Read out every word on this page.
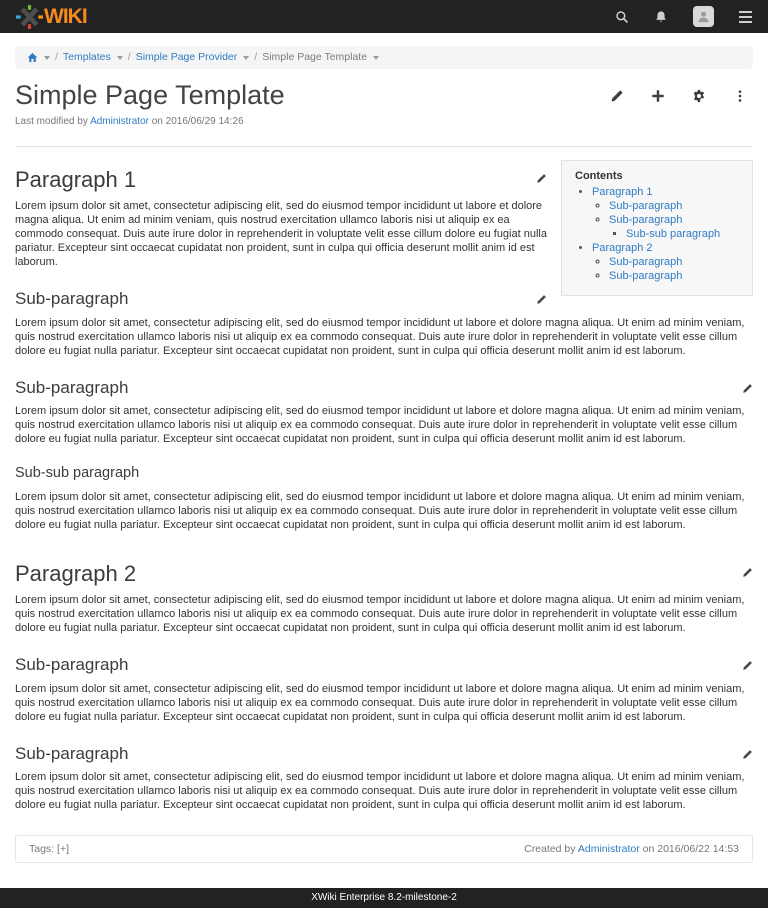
WIKI
/ Templates / Simple Page Provider / Simple Page Template
Simple Page Template
Last modified by Administrator on 2016/06/29 14:26
Contents
• Paragraph 1
◦ Sub-paragraph
◦ Sub-paragraph
▪ Sub-sub paragraph
• Paragraph 2
◦ Sub-paragraph
◦ Sub-paragraph
Paragraph 1

Lorem ipsum dolor sit amet, consectetur adipiscing elit, sed do eiusmod tempor incididunt ut labore et dolore magna aliqua. Ut enim ad minim veniam, quis nostrud exercitation ullamco laboris nisi ut aliquip ex ea commodo consequat. Duis aute irure dolor in reprehenderit in voluptate velit esse cillum dolore eu fugiat nulla pariatur. Excepteur sint occaecat cupidatat non proident, sunt in culpa qui officia deserunt mollit anim id est laborum.

Sub-paragraph

Lorem ipsum dolor sit amet, consectetur adipiscing elit, sed do eiusmod tempor incididunt ut labore et dolore magna aliqua. Ut enim ad minim veniam, quis nostrud exercitation ullamco laboris nisi ut aliquip ex ea commodo consequat. Duis aute irure dolor in reprehenderit in voluptate velit esse cillum dolore eu fugiat nulla pariatur. Excepteur sint occaecat cupidatat non proident, sunt in culpa qui officia deserunt mollit anim id est laborum.

Sub-paragraph

Lorem ipsum dolor sit amet, consectetur adipiscing elit, sed do eiusmod tempor incididunt ut labore et dolore magna aliqua. Ut enim ad minim veniam, quis nostrud exercitation ullamco laboris nisi ut aliquip ex ea commodo consequat. Duis aute irure dolor in reprehenderit in voluptate velit esse cillum dolore eu fugiat nulla pariatur. Excepteur sint occaecat cupidatat non proident, sunt in culpa qui officia deserunt mollit anim id est laborum.

Sub-sub paragraph

Lorem ipsum dolor sit amet, consectetur adipiscing elit, sed do eiusmod tempor incididunt ut labore et dolore magna aliqua. Ut enim ad minim veniam, quis nostrud exercitation ullamco laboris nisi ut aliquip ex ea commodo consequat. Duis aute irure dolor in reprehenderit in voluptate velit esse cillum dolore eu fugiat nulla pariatur. Excepteur sint occaecat cupidatat non proident, sunt in culpa qui officia deserunt mollit anim id est laborum.

Paragraph 2

Lorem ipsum dolor sit amet, consectetur adipiscing elit, sed do eiusmod tempor incididunt ut labore et dolore magna aliqua. Ut enim ad minim veniam, quis nostrud exercitation ullamco laboris nisi ut aliquip ex ea commodo consequat. Duis aute irure dolor in reprehenderit in voluptate velit esse cillum dolore eu fugiat nulla pariatur. Excepteur sint occaecat cupidatat non proident, sunt in culpa qui officia deserunt mollit anim id est laborum.

Sub-paragraph

Lorem ipsum dolor sit amet, consectetur adipiscing elit, sed do eiusmod tempor incididunt ut labore et dolore magna aliqua. Ut enim ad minim veniam, quis nostrud exercitation ullamco laboris nisi ut aliquip ex ea commodo consequat. Duis aute irure dolor in reprehenderit in voluptate velit esse cillum dolore eu fugiat nulla pariatur. Excepteur sint occaecat cupidatat non proident, sunt in culpa qui officia deserunt mollit anim id est laborum.

Sub-paragraph

Lorem ipsum dolor sit amet, consectetur adipiscing elit, sed do eiusmod tempor incididunt ut labore et dolore magna aliqua. Ut enim ad minim veniam, quis nostrud exercitation ullamco laboris nisi ut aliquip ex ea commodo consequat. Duis aute irure dolor in reprehenderit in voluptate velit esse cillum dolore eu fugiat nulla pariatur. Excepteur sint occaecat cupidatat non proident, sunt in culpa qui officia deserunt mollit anim id est laborum.

Tags: [+]	Created by Administrator on 2016/06/22 14:53
XWiki Enterprise 8.2-milestone-2
